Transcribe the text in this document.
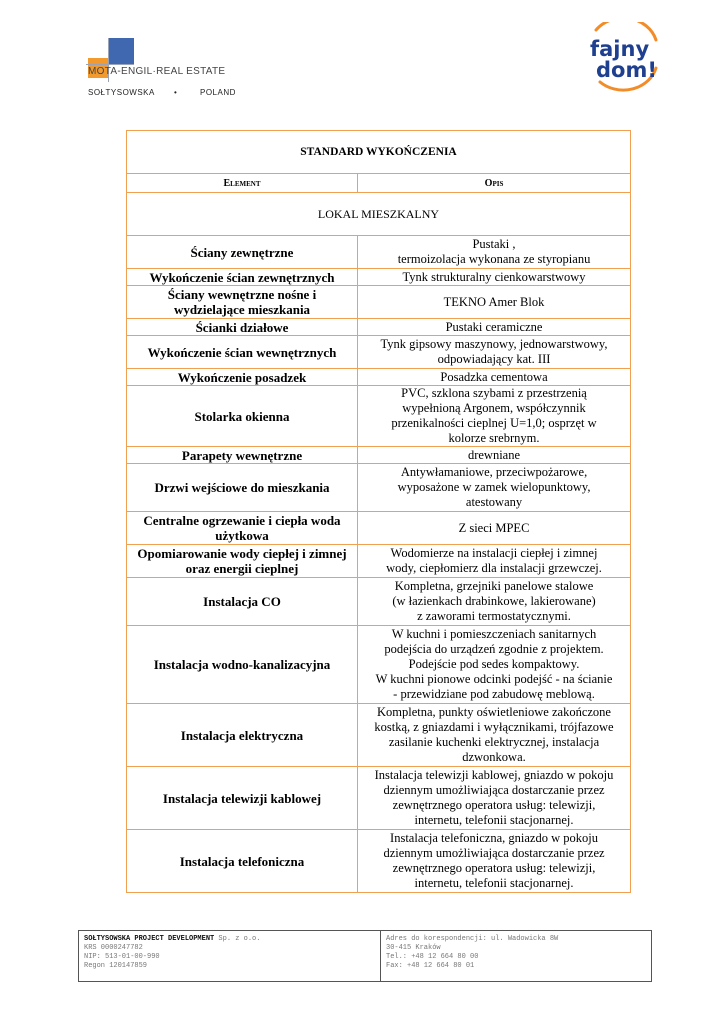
MOTA-ENGIL·REAL ESTATE
SOŁTYSOWSKA •	POLAND
fajny
dom!
STANDARD WYKOŃCZENIA	
Element	Opis
LOKAL MIESZKALNY	
Ściany zewnętrzne	Pustaki ,
termoizolacja wykonana ze styropianu
Wykończenie ścian zewnętrznych	Tynk strukturalny cienkowarstwowy
Ściany wewnętrzne nośne i
wydzielające mieszkania	TEKNO Amer Blok
Ścianki działowe	Pustaki ceramiczne
Wykończenie ścian wewnętrznych	Tynk gipsowy maszynowy, jednowarstwowy,
odpowiadający kat. III
Wykończenie posadzek	Posadzka cementowa
Stolarka okienna	PVC, szklona szybami z przestrzenią
wypełnioną Argonem, współczynnik
przenikalności cieplnej U=1,0; osprzęt w
kolorze srebrnym.
Parapety wewnętrzne	drewniane
Drzwi wejściowe do mieszkania	Antywłamaniowe, przeciwpożarowe,
wyposażone w zamek wielopunktowy,
atestowany
Centralne ogrzewanie i ciepła woda
użytkowa	Z sieci MPEC
Opomiarowanie wody ciepłej i zimnej
oraz energii cieplnej	Wodomierze na instalacji ciepłej i zimnej
wody, ciepłomierz dla instalacji grzewczej.
Instalacja CO	Kompletna, grzejniki panelowe stalowe
(w łazienkach drabinkowe, lakierowane)
z zaworami termostatycznymi.
Instalacja wodno-kanalizacyjna	W kuchni i pomieszczeniach sanitarnych
podejścia do urządzeń zgodnie z projektem.
Podejście pod sedes kompaktowy.
W kuchni pionowe odcinki podejść - na ścianie
- przewidziane pod zabudowę meblową.
Instalacja elektryczna	Kompletna, punkty oświetleniowe zakończone
kostką, z gniazdami i wyłącznikami, trójfazowe
zasilanie kuchenki elektrycznej, instalacja
dzwonkowa.
Instalacja telewizji kablowej	Instalacja telewizji kablowej, gniazdo w pokoju
dziennym umożliwiająca dostarczanie przez
zewnętrznego operatora usług: telewizji,
internetu, telefonii stacjonarnej.
Instalacja telefoniczna	Instalacja telefoniczna, gniazdo w pokoju
dziennym umożliwiająca dostarczanie przez
zewnętrznego operatora usług: telewizji,
internetu, telefonii stacjonarnej.
SOŁTYSOWSKA PROJECT DEVELOPMENT Sp. z o.o.
KRS 0000247782
NIP: 513-01-00-990
Regon 120147859
Adres do korespondencji: ul. Wadowicka 8W
30-415 Kraków
Tel.: +48 12 664 80 00
Fax: +48 12 664 80 01
